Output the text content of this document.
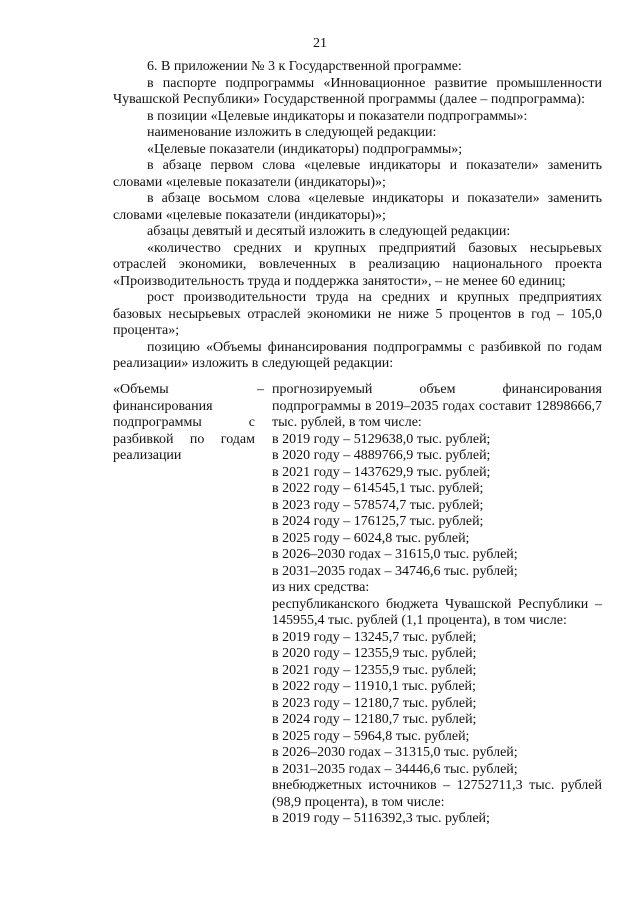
21

6. В приложении № 3 к Государственной программе:

в паспорте подпрограммы «Инновационное развитие промышленности Чувашской Республики» Государственной программы (далее – подпрограмма):

в позиции «Целевые индикаторы и показатели подпрограммы»:

наименование изложить в следующей редакции:

«Целевые показатели (индикаторы) подпрограммы»;

в абзаце первом слова «целевые индикаторы и показатели» заменить словами «целевые показатели (индикаторы)»;

в абзаце восьмом слова «целевые индикаторы и показатели» заменить словами «целевые показатели (индикаторы)»;

абзацы девятый и десятый изложить в следующей редакции:

«количество средних и крупных предприятий базовых несырьевых отраслей экономики, вовлеченных в реализацию национального проекта «Производительность труда и поддержка занятости», – не менее 60 единиц;

рост производительности труда на средних и крупных предприятиях базовых несырьевых отраслей экономики не ниже 5 процентов в год – 105,0 процента»;

позицию «Объемы финансирования подпрограммы с разбивкой по годам реализации» изложить в следующей редакции:

«Объемы финансирования подпрограммы с разбивкой по годам реализации
– прогнозируемый объем финансирования подпрограммы в 2019–2035 годах составит 12898666,7 тыс. рублей, в том числе:

в 2019 году – 5129638,0 тыс. рублей;

в 2020 году – 4889766,9 тыс. рублей;

в 2021 году – 1437629,9 тыс. рублей;

в 2022 году – 614545,1 тыс. рублей;

в 2023 году – 578574,7 тыс. рублей;

в 2024 году – 176125,7 тыс. рублей;

в 2025 году – 6024,8 тыс. рублей;

в 2026–2030 годах – 31615,0 тыс. рублей;

в 2031–2035 годах – 34746,6 тыс. рублей;

из них средства:

республиканского бюджета Чувашской Республики – 145955,4 тыс. рублей (1,1 процента), в том числе:

в 2019 году – 13245,7 тыс. рублей;

в 2020 году – 12355,9 тыс. рублей;

в 2021 году – 12355,9 тыс. рублей;

в 2022 году – 11910,1 тыс. рублей;

в 2023 году – 12180,7 тыс. рублей;

в 2024 году – 12180,7 тыс. рублей;

в 2025 году – 5964,8 тыс. рублей;

в 2026–2030 годах – 31315,0 тыс. рублей;

в 2031–2035 годах – 34446,6 тыс. рублей;

внебюджетных источников – 12752711,3 тыс. рублей (98,9 процента), в том числе:

в 2019 году – 5116392,3 тыс. рублей;
